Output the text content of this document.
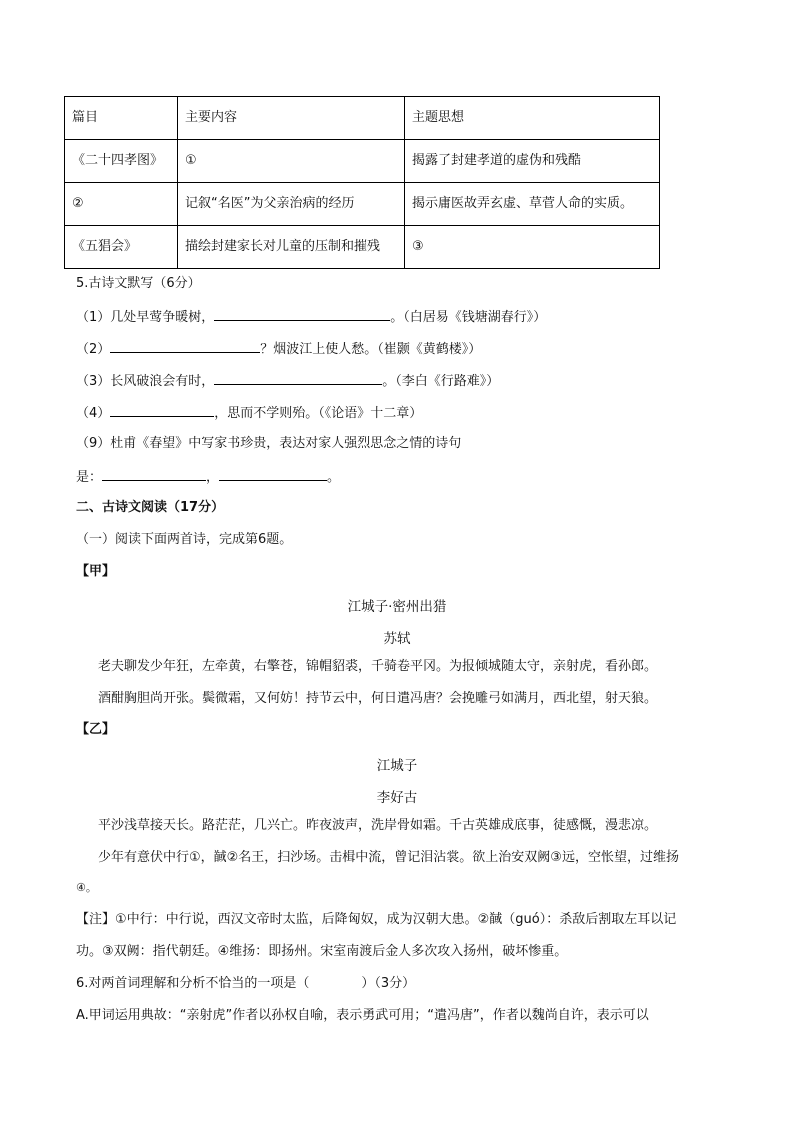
篇目	主要内容	主题思想
《二十四孝图》	①	揭露了封建孝道的虚伪和残酷
②	记叙“名医”为父亲治病的经历	揭示庸医故弄玄虚、草菅人命的实质。
《五猖会》	描绘封建家长对儿童的压制和摧残	③
5.古诗文默写（6分）
（1）几处早莺争暖树，	。（白居易《钱塘湖春行》）
（2）	？烟波江上使人愁。（崔颢《黄鹤楼》）
（3）长风破浪会有时，	。（李白《行路难》）
（4）	，思而不学则殆。（《论语》十二章）
（9）杜甫《春望》中写家书珍贵，表达对家人强烈思念之情的诗句
是：	，	。
二、古诗文阅读（17分）
（一）阅读下面两首诗，完成第6题。
【甲】
江城子·密州出猎
苏轼
老夫聊发少年狂，左牵黄，右擎苍，锦帽貂裘，千骑卷平冈。为报倾城随太守，亲射虎，看孙郎。
酒酣胸胆尚开张。鬓微霜，又何妨！持节云中，何日遣冯唐？会挽雕弓如满月，西北望，射天狼。
【乙】
江城子
李好古
平沙浅草接天长。路茫茫，几兴亡。昨夜波声，洗岸骨如霜。千古英雄成底事，徒感慨，漫悲凉。
少年有意伏中行①，馘②名王，扫沙场。击楫中流，曾记泪沾裳。欲上治安双阙③远，空怅望，过维扬
④。
【注】①中行：中行说，西汉文帝时太监，后降匈奴，成为汉朝大患。②馘（guó）：杀敌后割取左耳以记
功。③双阙：指代朝廷。④维扬：即扬州。宋室南渡后金人多次攻入扬州，破坏惨重。
6.对两首词理解和分析不恰当的一项是（　　　　）（3分）
A.甲词运用典故：“亲射虎”作者以孙权自喻，表示勇武可用；“遣冯唐”，作者以魏尚自许，表示可以
